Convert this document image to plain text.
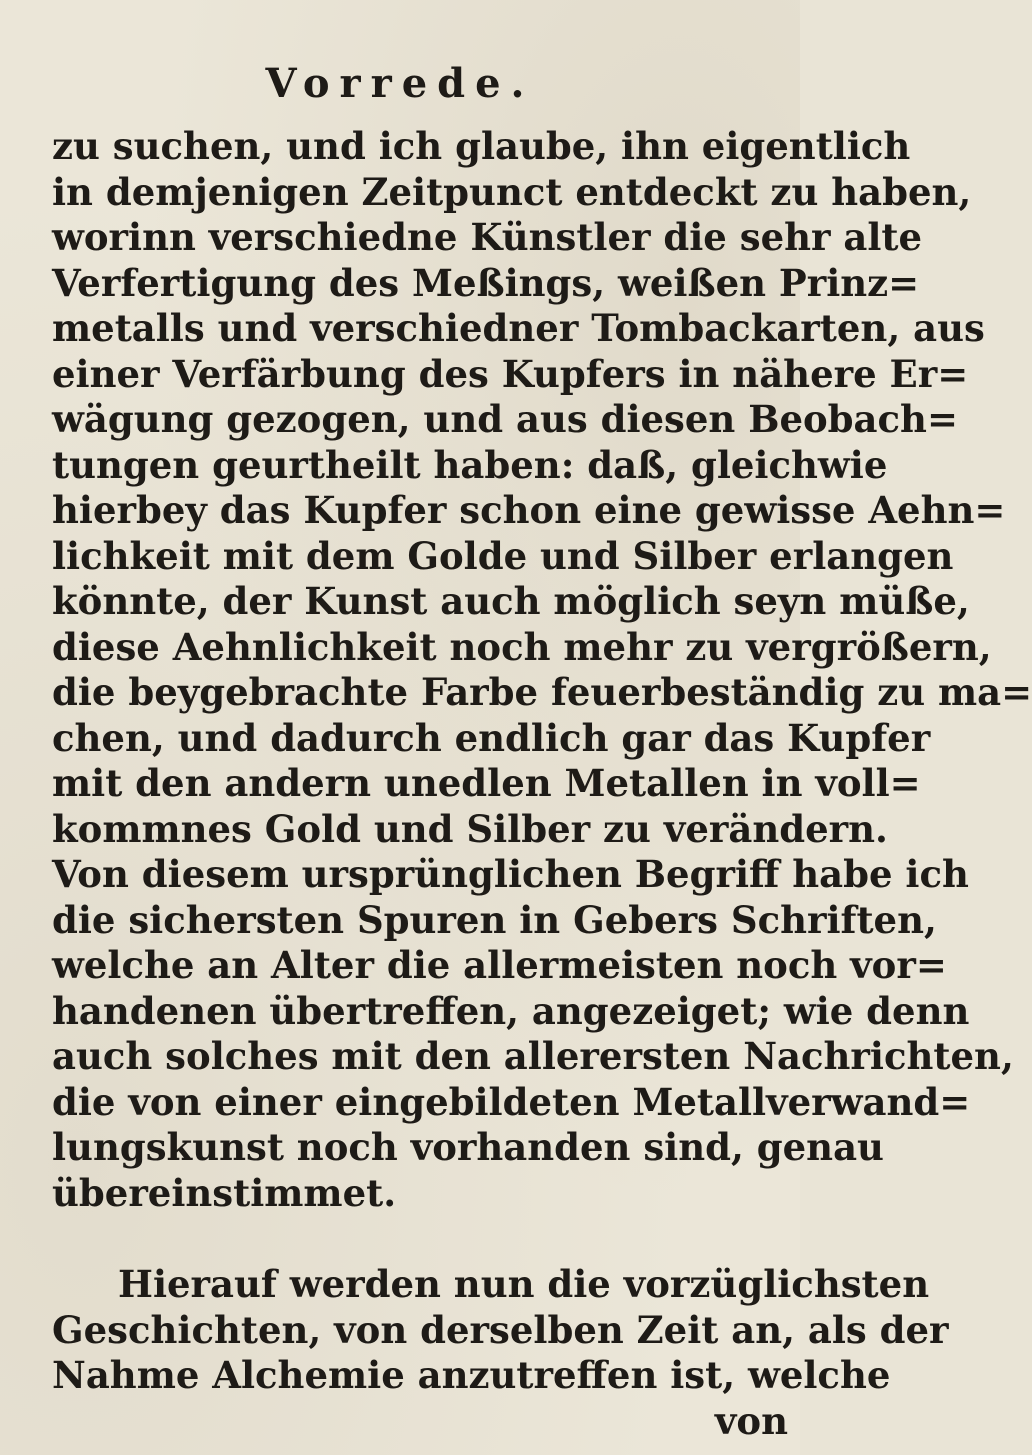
Vorrede.
zu suchen, und ich glaube, ihn eigentlich
in demjenigen Zeitpunct entdeckt zu haben,
worinn verschiedne Künstler die sehr alte
Verfertigung des Meßings, weißen Prinz=
metalls und verschiedner Tombackarten, aus
einer Verfärbung des Kupfers in nähere Er=
wägung gezogen, und aus diesen Beobach=
tungen geurtheilt haben: daß, gleichwie
hierbey das Kupfer schon eine gewisse Aehn=
lichkeit mit dem Golde und Silber erlangen
könnte, der Kunst auch möglich seyn müße,
diese Aehnlichkeit noch mehr zu vergrößern,
die beygebrachte Farbe feuerbeständig zu ma=
chen, und dadurch endlich gar das Kupfer
mit den andern unedlen Metallen in voll=
kommnes Gold und Silber zu verändern.
Von diesem ursprünglichen Begriff habe ich
die sichersten Spuren in Gebers Schriften,
welche an Alter die allermeisten noch vor=
handenen übertreffen, angezeiget; wie denn
auch solches mit den allerersten Nachrichten,
die von einer eingebildeten Metallverwand=
lungskunst noch vorhanden sind, genau
übereinstimmet.
Hierauf werden nun die vorzüglichsten
Geschichten, von derselben Zeit an, als der
Nahme Alchemie anzutreffen ist, welche
von
